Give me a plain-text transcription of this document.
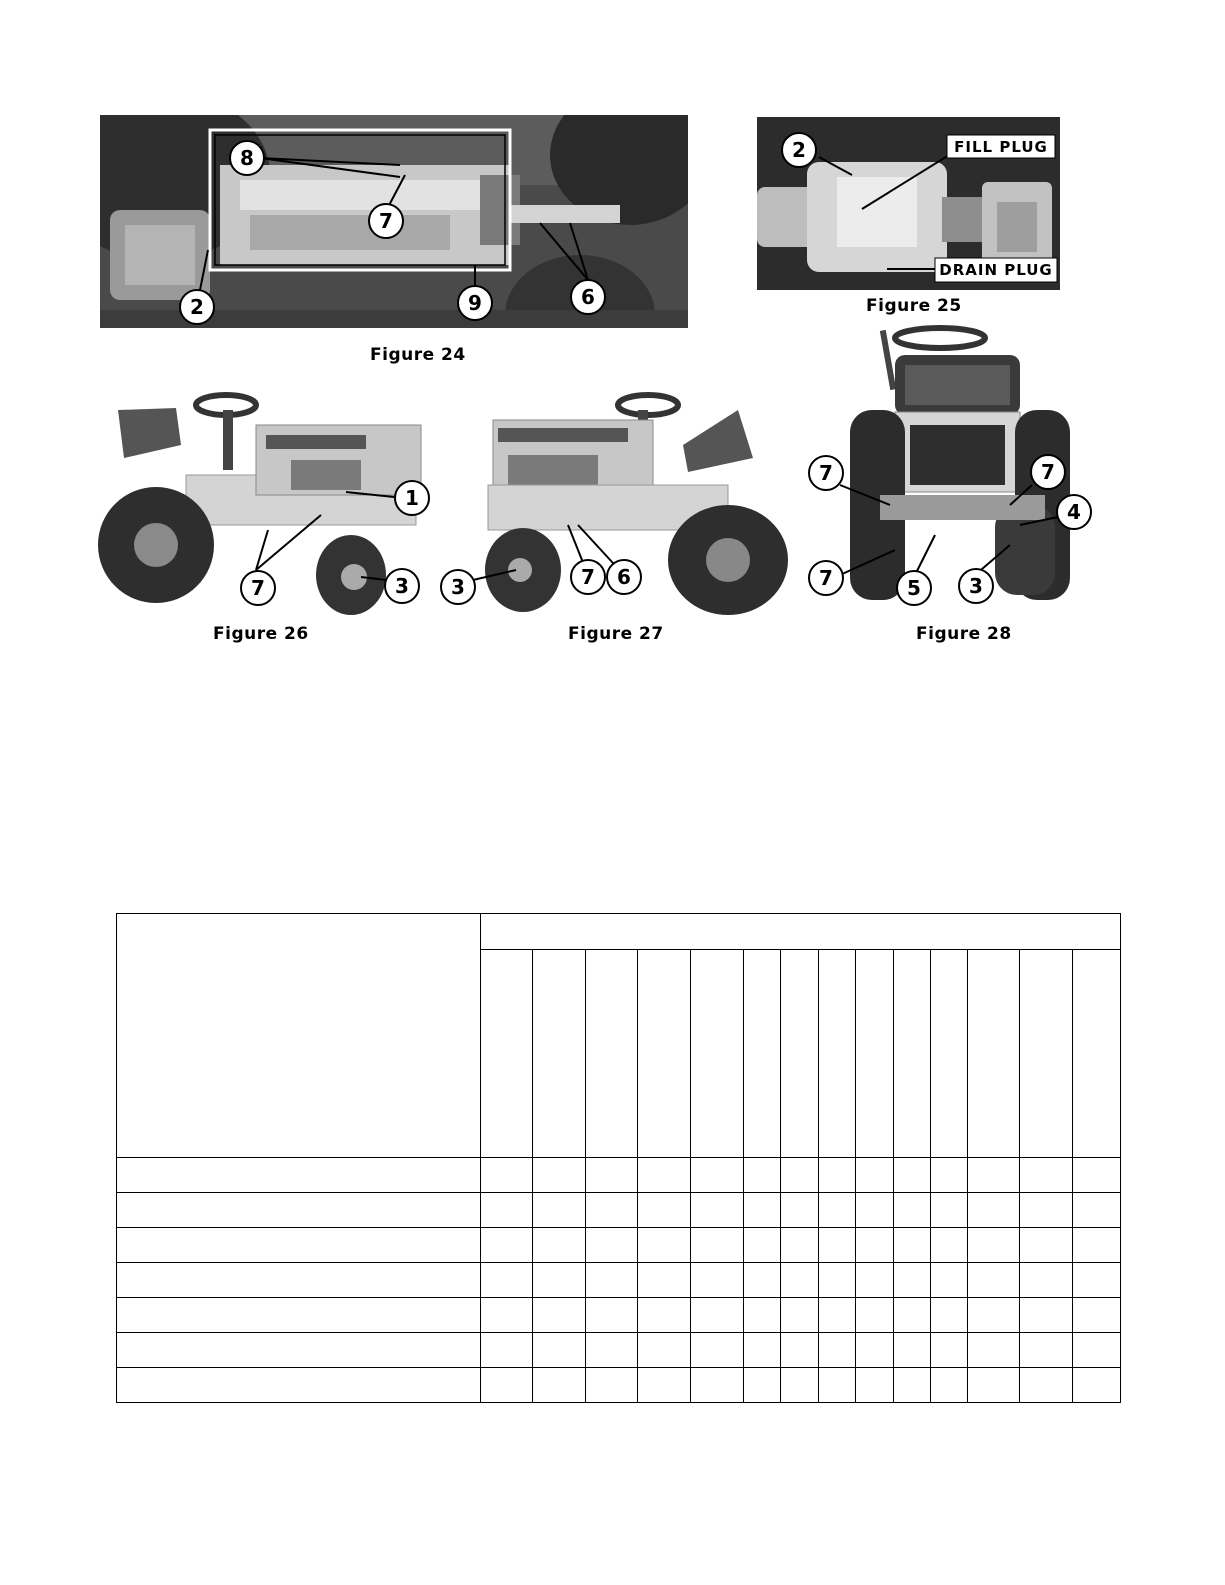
8
7
2	9	6
Figure 24
2	FILL PLUG
DRAIN PLUG
Figure 25
1
7	3
Figure 26
3	7 6
Figure 27
7	7
4
7	5 3
Figure 28
